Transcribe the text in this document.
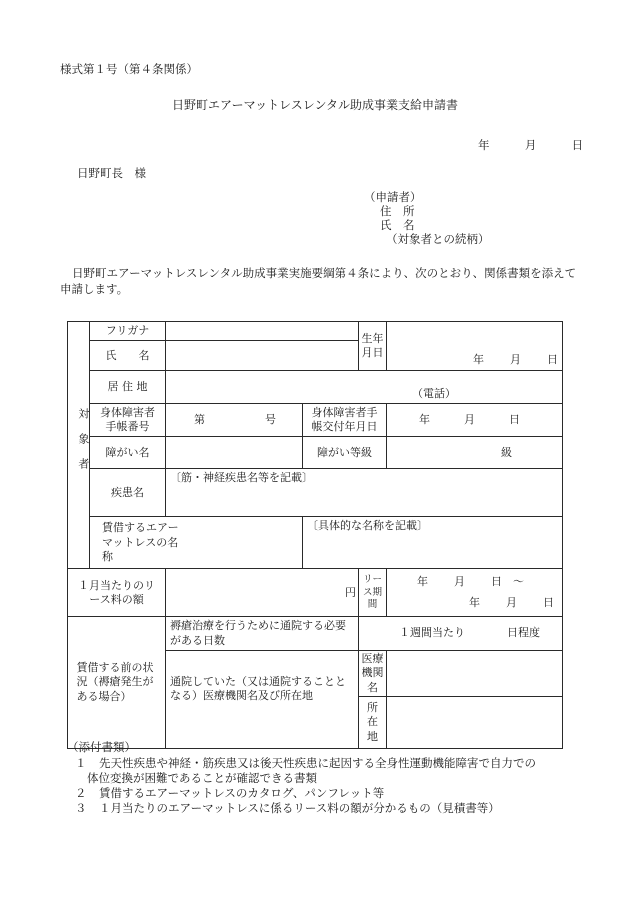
様式第１号（第４条関係）
日野町エアーマットレスレンタル助成事業支給申請書
年	月	日
日野町長　様
（申請者）
住　所
氏　名
（対象者との続柄）
日野町エアーマットレスレンタル助成事業実施要綱第４条により、次のとおり、関係書類を添えて申請します。
対象者	フリガナ			生年月日	年 月 日
	氏　　名				
	居 住 地	（電話）			

	身体障害者手帳番号	第 号	身体障害者手帳交付年月日		年 月 日
	障がい名		障がい等級		級
	疾患名	〔筋・神経疾患名等を記載〕			

	賃借するエアーマットレスの名称		〔具体的な名称を記載〕		

１月当たりのリース料の額		円		リース期間	年 月 日　～
年 月 日

賃借する前の状況（褥瘡発生がある場合）		褥瘡治療を行うために通院する必要がある日数		１週間当たり 日程度	

		通院していた（又は通院することとなる）医療機関名及び所在地		医療機関名	
				所在地	
（添付書類）
１ 先天性疾患や神経・筋疾患又は後天性疾患に起因する全身性運動機能障害で自力での
体位変換が困難であることが確認できる書類
２ 賃借するエアーマットレスのカタログ、パンフレット等
３ １月当たりのエアーマットレスに係るリース料の額が分かるもの（見積書等）
